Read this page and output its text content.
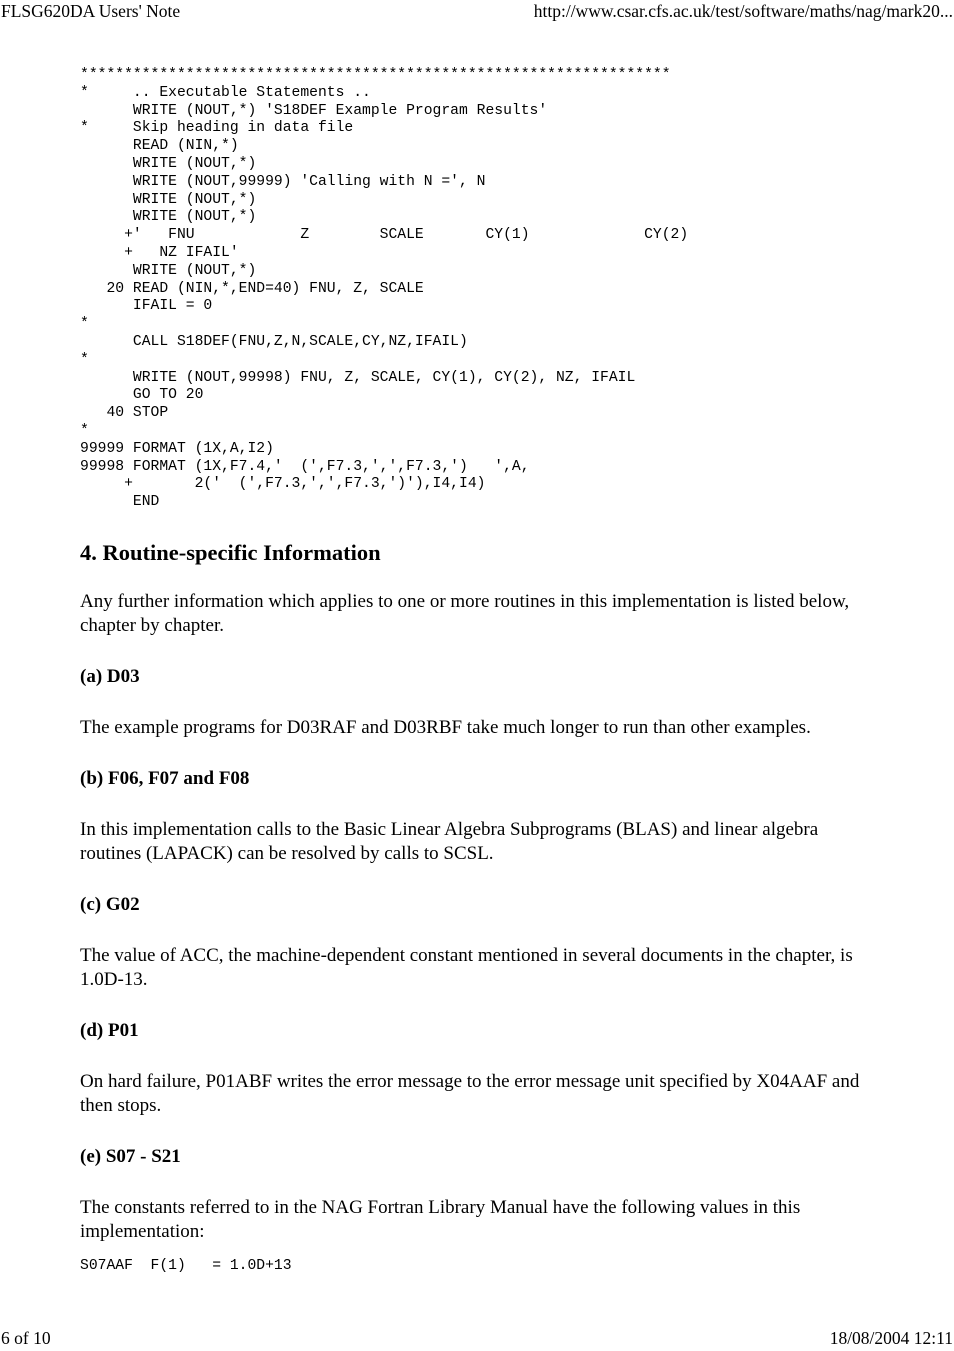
FLSG620DA Users' Note	http://www.csar.cfs.ac.uk/test/software/maths/nag/mark20...
*******************************************************************
*     .. Executable Statements ..
WRITE (NOUT,*) 'S18DEF Example Program Results'
*     Skip heading in data file
READ (NIN,*)
WRITE (NOUT,*)
WRITE (NOUT,99999) 'Calling with N =', N
WRITE (NOUT,*)
WRITE (NOUT,*)
+'   FNU            Z        SCALE       CY(1)             CY(2)
+   NZ IFAIL'
WRITE (NOUT,*)
20 READ (NIN,*,END=40) FNU, Z, SCALE
IFAIL = 0
*
CALL S18DEF(FNU,Z,N,SCALE,CY,NZ,IFAIL)
*
WRITE (NOUT,99998) FNU, Z, SCALE, CY(1), CY(2), NZ, IFAIL
GO TO 20
40 STOP
*
99999 FORMAT (1X,A,I2)
99998 FORMAT (1X,F7.4,'  (',F7.3,',',F7.3,')   ',A,
+       2('  (',F7.3,',',F7.3,')'),I4,I4)
END
4. Routine-specific Information

Any further information which applies to one or more routines in this implementation is listed below, chapter by chapter.

(a) D03

The example programs for D03RAF and D03RBF take much longer to run than other examples.

(b) F06, F07 and F08

In this implementation calls to the Basic Linear Algebra Subprograms (BLAS) and linear algebra routines (LAPACK) can be resolved by calls to SCSL.

(c) G02

The value of ACC, the machine-dependent constant mentioned in several documents in the chapter, is 1.0D-13.

(d) P01

On hard failure, P01ABF writes the error message to the error message unit specified by X04AAF and then stops.

(e) S07 - S21

The constants referred to in the NAG Fortran Library Manual have the following values in this implementation:

S07AAF  F(1)   = 1.0D+13
6 of 10	18/08/2004 12:11
